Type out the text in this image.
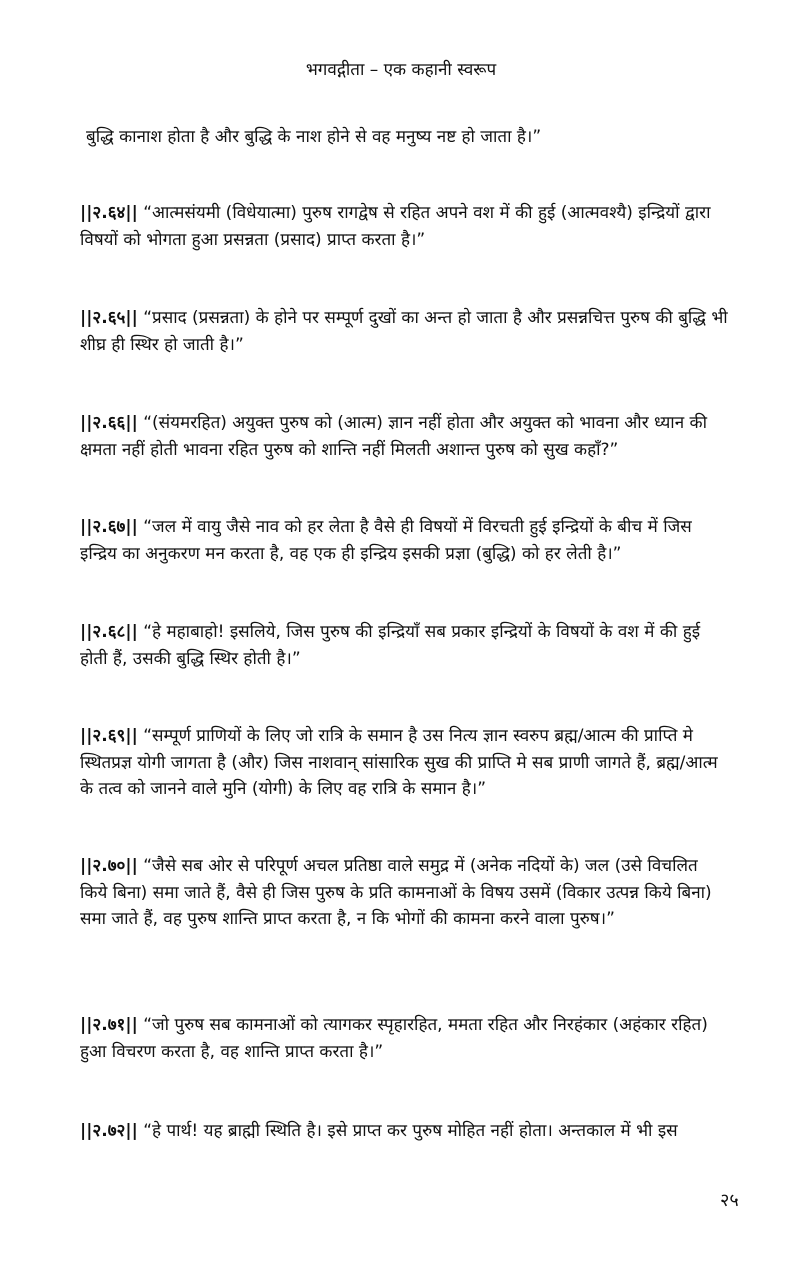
भगवद्गीता – एक कहानी स्वरूप

बुद्धि कानाश होता है और बुद्धि के नाश होने से वह मनुष्य नष्ट हो जाता है।”

||२.६४|| “आत्मसंयमी (विधेयात्मा) पुरुष रागद्वेष से रहित अपने वश में की हुई (आत्मवश्यै) इन्द्रियों द्वारा विषयों को भोगता हुआ प्रसन्नता (प्रसाद) प्राप्त करता है।”

||२.६५|| “प्रसाद (प्रसन्नता) के होने पर सम्पूर्ण दुखों का अन्त हो जाता है और प्रसन्नचित्त पुरुष की बुद्धि भी शीघ्र ही स्थिर हो जाती है।”

||२.६६|| “(संयमरहित) अयुक्त पुरुष को (आत्म) ज्ञान नहीं होता और अयुक्त को भावना और ध्यान की क्षमता नहीं होती भावना रहित पुरुष को शान्ति नहीं मिलती अशान्त पुरुष को सुख कहाँ?”

||२.६७|| “जल में वायु जैसे नाव को हर लेता है वैसे ही विषयों में विरचती हुई इन्द्रियों के बीच में जिस इन्द्रिय का अनुकरण मन करता है, वह एक ही इन्द्रिय इसकी प्रज्ञा (बुद्धि) को हर लेती है।”

||२.६८|| “हे महाबाहो! इसलिये, जिस पुरुष की इन्द्रियाँ सब प्रकार इन्द्रियों के विषयों के वश में की हुई होती हैं, उसकी बुद्धि स्थिर होती है।”

||२.६९|| “सम्पूर्ण प्राणियों के लिए जो रात्रि के समान है उस नित्य ज्ञान स्वरुप ब्रह्म/आत्म की प्राप्ति मे स्थितप्रज्ञ योगी जागता है (और) जिस नाशवान् सांसारिक सुख की प्राप्ति मे सब प्राणी जागते हैं, ब्रह्म/आत्म के तत्व को जानने वाले मुनि (योगी) के लिए वह रात्रि के समान है।”

||२.७०|| “जैसे सब ओर से परिपूर्ण अचल प्रतिष्ठा वाले समुद्र में (अनेक नदियों के) जल (उसे विचलित किये बिना) समा जाते हैं, वैसे ही जिस पुरुष के प्रति कामनाओं के विषय उसमें (विकार उत्पन्न किये बिना) समा जाते हैं, वह पुरुष शान्ति प्राप्त करता है, न कि भोगों की कामना करने वाला पुरुष।”

||२.७१|| “जो पुरुष सब कामनाओं को त्यागकर स्पृहारहित, ममता रहित और निरहंकार (अहंकार रहित) हुआ विचरण करता है, वह शान्ति प्राप्त करता है।”

||२.७२|| “हे पार्थ! यह ब्राह्मी स्थिति है। इसे प्राप्त कर पुरुष मोहित नहीं होता। अन्तकाल में भी इस

२५
